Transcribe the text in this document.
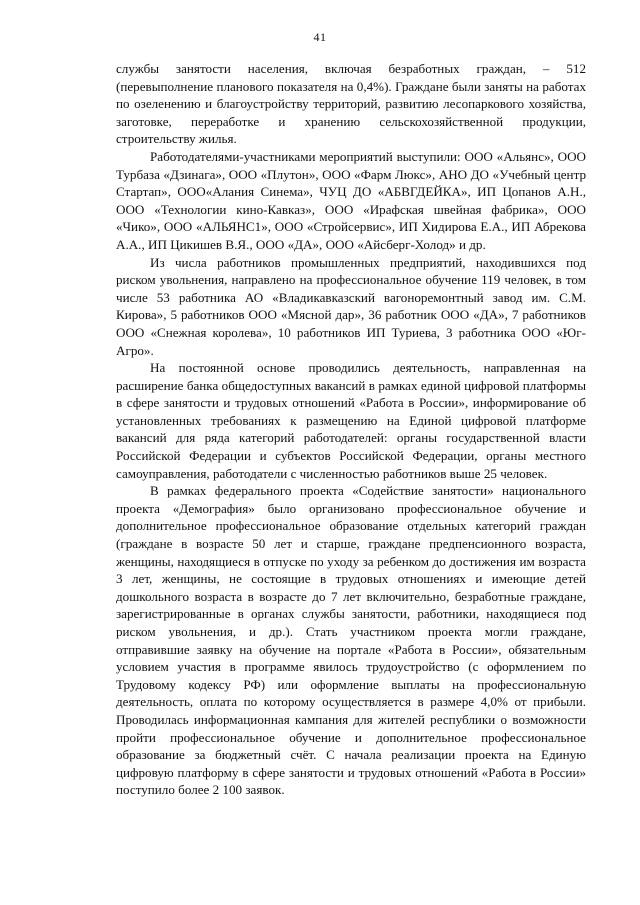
41

службы занятости населения, включая безработных граждан, – 512 (перевыполнение планового показателя на 0,4%). Граждане были заняты на работах по озеленению и благоустройству территорий, развитию лесопаркового хозяйства, заготовке, переработке и хранению сельскохозяйственной продукции, строительству жилья.

Работодателями-участниками мероприятий выступили: ООО «Альянс», ООО Турбаза «Дзинага», ООО «Плутон», ООО «Фарм Люкс», АНО ДО «Учебный центр Стартап», ООО«Алания Синема», ЧУЦ ДО «АБВГДЕЙКА», ИП Цопанов А.Н., ООО «Технологии кино-Кавказ», ООО «Ирафская швейная фабрика», ООО «Чико», ООО «АЛЬЯНС1», ООО «Стройсервис», ИП Хидирова Е.А., ИП Абрекова А.А., ИП Цикишев В.Я., ООО «ДА», ООО «Айсберг-Холод» и др.

Из числа работников промышленных предприятий, находившихся под риском увольнения, направлено на профессиональное обучение 119 человек, в том числе 53 работника АО «Владикавказский вагоноремонтный завод им. С.М. Кирова», 5 работников ООО «Мясной дар», 36 работник ООО «ДА», 7 работников ООО «Снежная королева», 10 работников ИП Туриева, 3 работника ООО «Юг-Агро».

На постоянной основе проводились деятельность, направленная на расширение банка общедоступных вакансий в рамках единой цифровой платформы в сфере занятости и трудовых отношений «Работа в России», информирование об установленных требованиях к размещению на Единой цифровой платформе вакансий для ряда категорий работодателей: органы государственной власти Российской Федерации и субъектов Российской Федерации, органы местного самоуправления, работодатели с численностью работников выше 25 человек.

В рамках федерального проекта «Содействие занятости» национального проекта «Демография» было организовано профессиональное обучение и дополнительное профессиональное образование отдельных категорий граждан (граждане в возрасте 50 лет и старше, граждане предпенсионного возраста, женщины, находящиеся в отпуске по уходу за ребенком до достижения им возраста 3 лет, женщины, не состоящие в трудовых отношениях и имеющие детей дошкольного возраста в возрасте до 7 лет включительно, безработные граждане, зарегистрированные в органах службы занятости, работники, находящиеся под риском увольнения, и др.). Стать участником проекта могли граждане, отправившие заявку на обучение на портале «Работа в России», обязательным условием участия в программе явилось трудоустройство (с оформлением по Трудовому кодексу РФ) или оформление выплаты на профессиональную деятельность, оплата по которому осуществляется в размере 4,0% от прибыли. Проводилась информационная кампания для жителей республики о возможности пройти профессиональное обучение и дополнительное профессиональное образование за бюджетный счёт. С начала реализации проекта на Единую цифровую платформу в сфере занятости и трудовых отношений «Работа в России» поступило более 2 100 заявок.
